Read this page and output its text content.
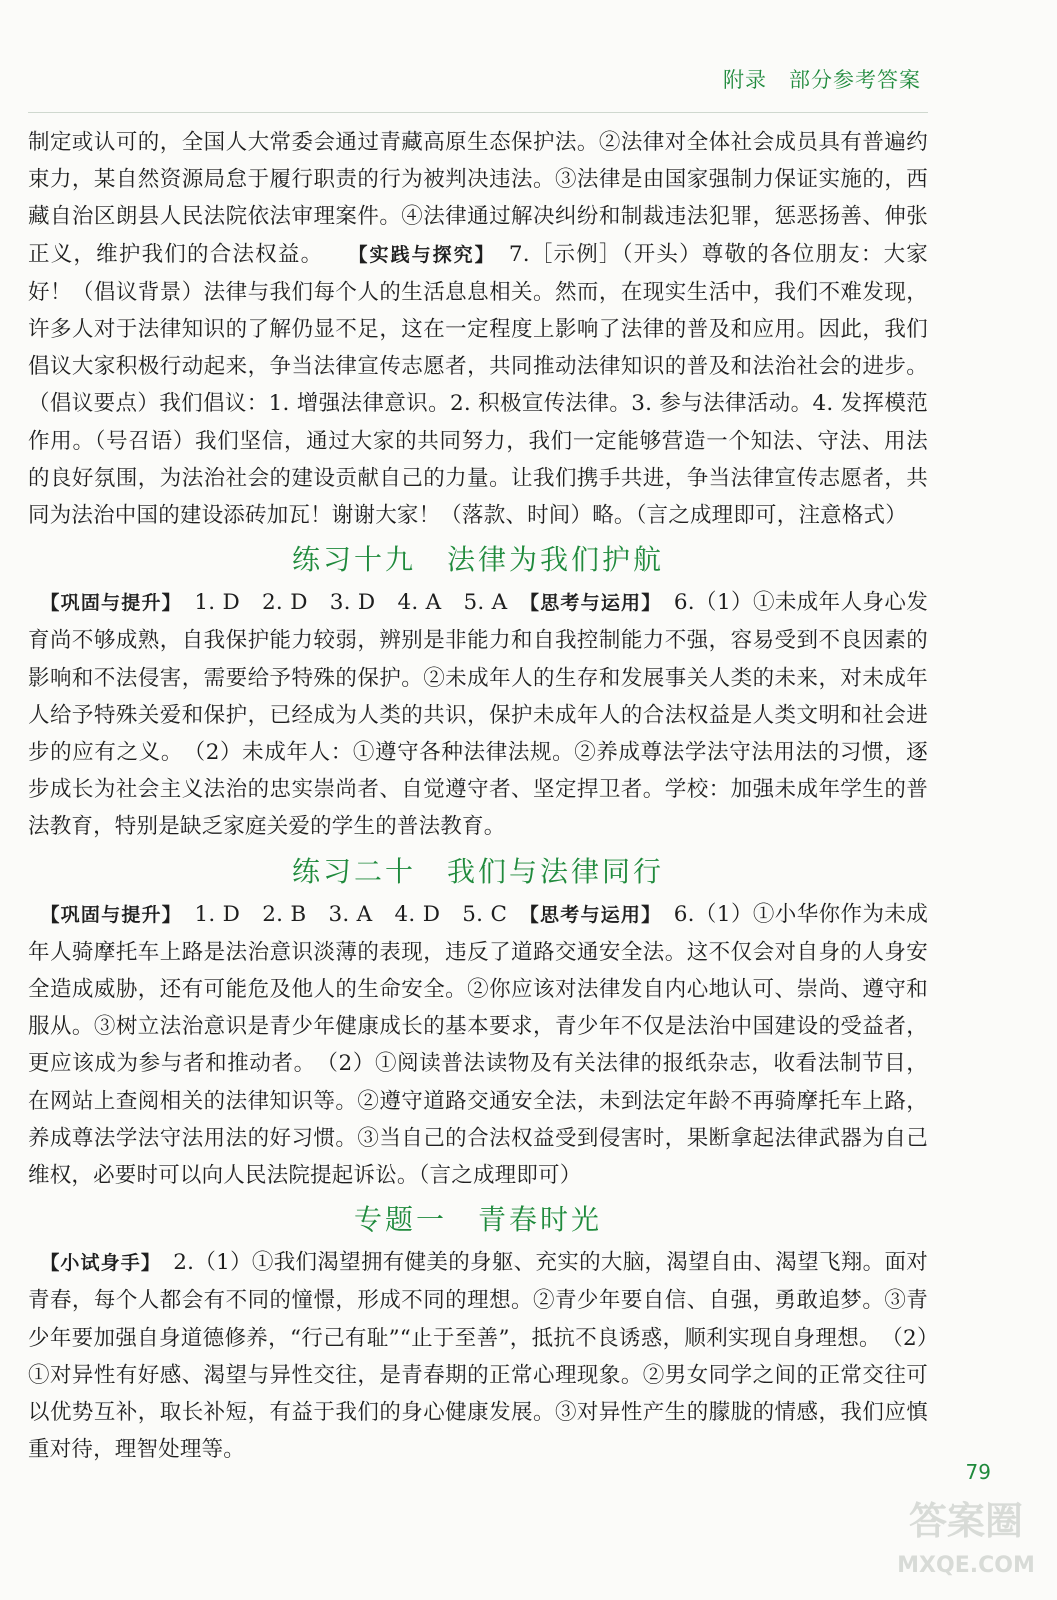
附录　部分参考答案

制定或认可的，全国人大常委会通过青藏高原生态保护法。②法律对全体社会成员具有普遍约束力，某自然资源局怠于履行职责的行为被判决违法。③法律是由国家强制力保证实施的，西藏自治区朗县人民法院依法审理案件。④法律通过解决纠纷和制裁违法犯罪，惩恶扬善、伸张正义，维护我们的合法权益。　　 【实践与探究】　 7.［示例］（开头）尊敬的各位朋友：大家好！（倡议背景）法律与我们每个人的生活息息相关。然而，在现实生活中，我们不难发现，许多人对于法律知识的了解仍显不足，这在一定程度上影响了法律的普及和应用。因此，我们倡议大家积极行动起来，争当法律宣传志愿者，共同推动法律知识的普及和法治社会的进步。（倡议要点）我们倡议：1. 增强法律意识。2. 积极宣传法律。3. 参与法律活动。4. 发挥模范作用。（号召语）我们坚信，通过大家的共同努力，我们一定能够营造一个知法、守法、用法的良好氛围，为法治社会的建设贡献自己的力量。让我们携手共进，争当法律宣传志愿者，共同为法治中国的建设添砖加瓦！谢谢大家！（落款、时间）略。（言之成理即可，注意格式）

练习十九　法律为我们护航

　【巩固与提升】　 1. D　2. D　3. D　4. A　5. A　 【思考与运用】　 6.（1）①未成年人身心发育尚不够成熟，自我保护能力较弱，辨别是非能力和自我控制能力不强，容易受到不良因素的影响和不法侵害，需要给予特殊的保护。②未成年人的生存和发展事关人类的未来，对未成年人给予特殊关爱和保护，已经成为人类的共识，保护未成年人的合法权益是人类文明和社会进步的应有之义。　（2）未成年人：①遵守各种法律法规。②养成尊法学法守法用法的习惯，逐步成长为社会主义法治的忠实崇尚者、自觉遵守者、坚定捍卫者。学校：加强未成年学生的普法教育，特别是缺乏家庭关爱的学生的普法教育。

练习二十　我们与法律同行

　【巩固与提升】　 1. D　2. B　3. A　4. D　5. C　 【思考与运用】　 6.（1）①小华你作为未成年人骑摩托车上路是法治意识淡薄的表现，违反了道路交通安全法。这不仅会对自身的人身安全造成威胁，还有可能危及他人的生命安全。②你应该对法律发自内心地认可、崇尚、遵守和服从。③树立法治意识是青少年健康成长的基本要求，青少年不仅是法治中国建设的受益者，更应该成为参与者和推动者。　（2）①阅读普法读物及有关法律的报纸杂志，收看法制节目，在网站上查阅相关的法律知识等。②遵守道路交通安全法，未到法定年龄不再骑摩托车上路，养成尊法学法守法用法的好习惯。③当自己的合法权益受到侵害时，果断拿起法律武器为自己维权，必要时可以向人民法院提起诉讼。（言之成理即可）

专题一　青春时光

　【小试身手】　 2.（1）①我们渴望拥有健美的身躯、充实的大脑，渴望自由、渴望飞翔。面对青春，每个人都会有不同的憧憬，形成不同的理想。②青少年要自信、自强，勇敢追梦。③青少年要加强自身道德修养，“行己有耻”“止于至善”，抵抗不良诱惑，顺利实现自身理想。　（2）①对异性有好感、渴望与异性交往，是青春期的正常心理现象。②男女同学之间的正常交往可以优势互补，取长补短，有益于我们的身心健康发展。③对异性产生的朦胧的情感，我们应慎重对待，理智处理等。

79
答案圈
MXQE.COM
